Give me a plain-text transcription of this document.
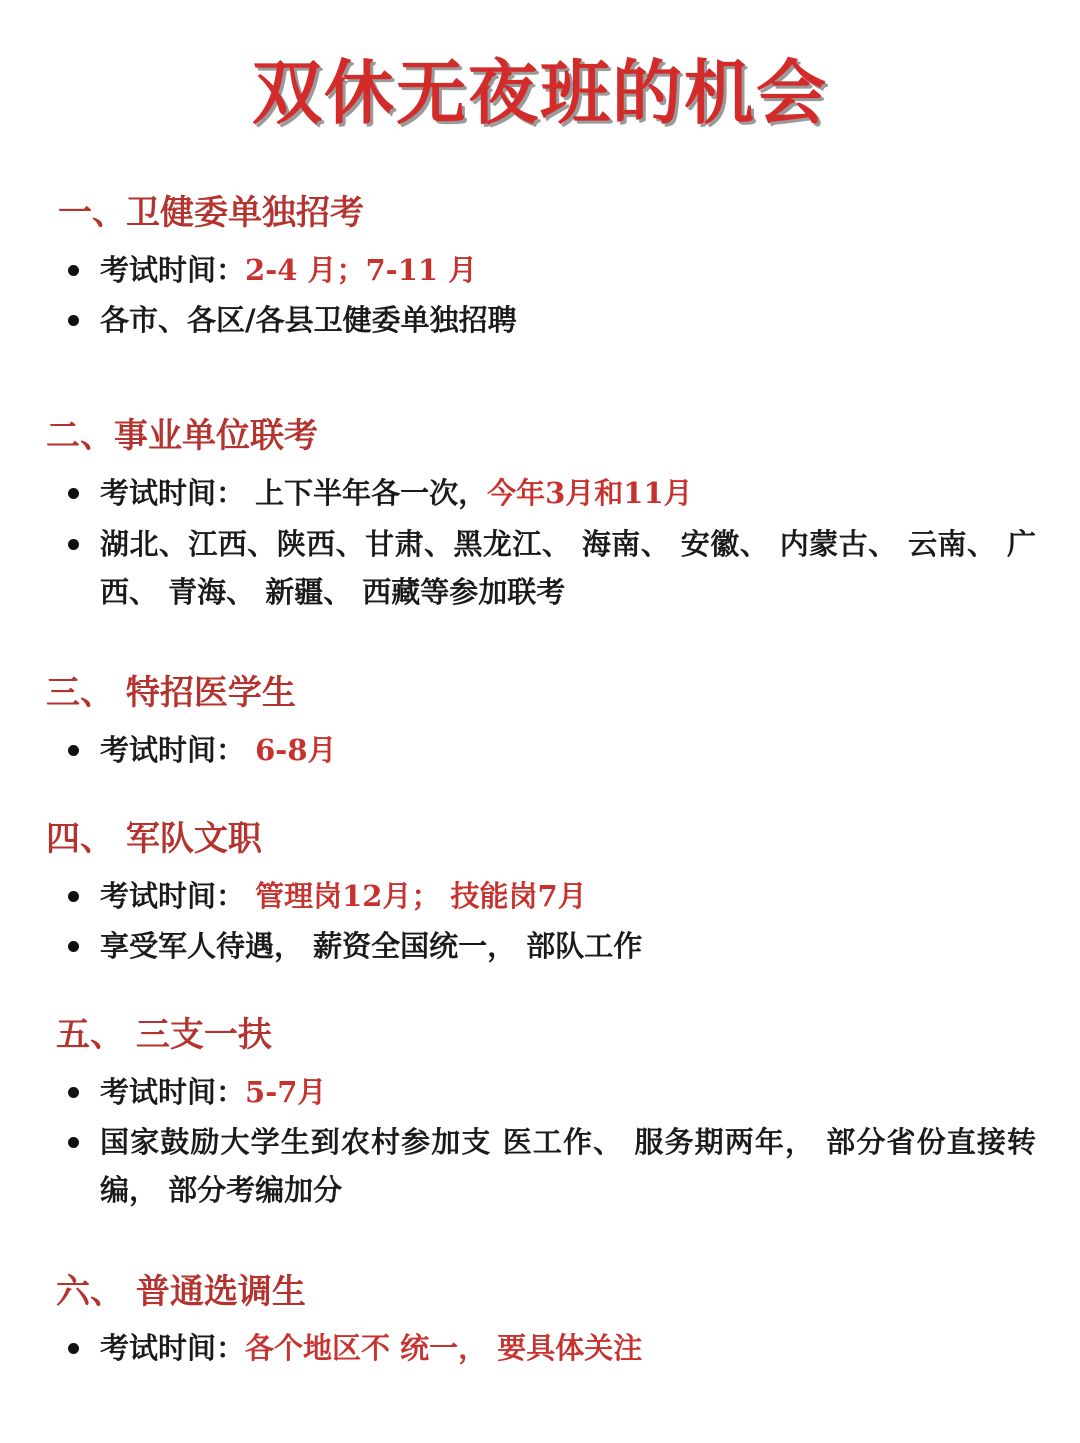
双休无夜班的机会
一、卫健委单独招考
考试时间：2-4 月；7-11 月
各市、各区/各县卫健委单独招聘
二、事业单位联考
考试时间： 上下半年各一次，今年3月和11月
湖北、江西、陕西、甘肃、黑龙江、 海南、 安徽、 内蒙古、 云南、 广西、 青海、 新疆、 西藏等参加联考
三、 特招医学生
考试时间： 6-8月
四、 军队文职
考试时间： 管理岗12月； 技能岗7月
享受军人待遇， 薪资全国统一， 部队工作
五、 三支一扶
考试时间：5-7月
国家鼓励大学生到农村参加支 医工作、 服务期两年， 部分省份直接转编， 部分考编加分
六、 普通选调生
考试时间：各个地区不 统一， 要具体关注
